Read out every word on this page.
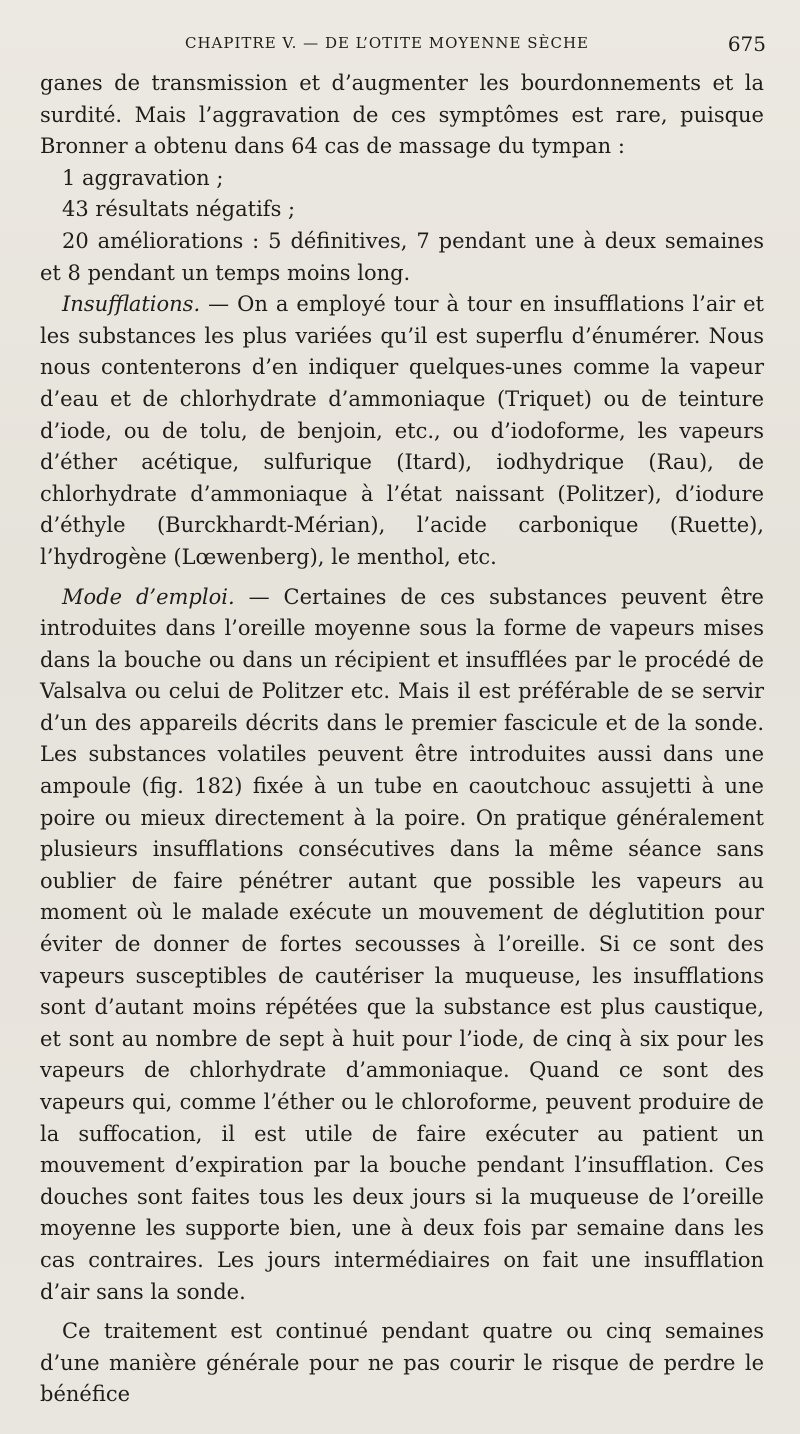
CHAPITRE V. — DE L’OTITE MOYENNE SÈCHE	675

ganes de transmission et d’augmenter les bourdonnements et la surdité. Mais l’aggravation de ces symptômes est rare, puisque Bronner a obtenu dans 64 cas de massage du tympan :

1 aggravation ;

43 résultats négatifs ;

20 améliorations : 5 définitives, 7 pendant une à deux semaines et 8 pendant un temps moins long.

Insufflations. — On a employé tour à tour en insufflations l’air et les substances les plus variées qu’il est superflu d’énumérer. Nous nous contenterons d’en indiquer quelques-unes comme la vapeur d’eau et de chlorhydrate d’ammoniaque (Triquet) ou de teinture d’iode, ou de tolu, de benjoin, etc., ou d’iodoforme, les vapeurs d’éther acétique, sulfurique (Itard), iodhydrique (Rau), de chlorhydrate d’ammoniaque à l’état naissant (Politzer), d’iodure d’éthyle (Burckhardt-Mérian), l’acide carbonique (Ruette), l’hydrogène (Lœwenberg), le menthol, etc.

Mode d’emploi. — Certaines de ces substances peuvent être introduites dans l’oreille moyenne sous la forme de vapeurs mises dans la bouche ou dans un récipient et insufflées par le procédé de Valsalva ou celui de Politzer etc. Mais il est préférable de se servir d’un des appareils décrits dans le premier fascicule et de la sonde. Les substances volatiles peuvent être introduites aussi dans une ampoule (fig. 182) fixée à un tube en caoutchouc assujetti à une poire ou mieux directement à la poire. On pratique généralement plusieurs insufflations consécutives dans la même séance sans oublier de faire pénétrer autant que possible les vapeurs au moment où le malade exécute un mouvement de déglutition pour éviter de donner de fortes secousses à l’oreille. Si ce sont des vapeurs susceptibles de cautériser la muqueuse, les insufflations sont d’autant moins répétées que la substance est plus caustique, et sont au nombre de sept à huit pour l’iode, de cinq à six pour les vapeurs de chlorhydrate d’ammoniaque. Quand ce sont des vapeurs qui, comme l’éther ou le chloroforme, peuvent produire de la suffocation, il est utile de faire exécuter au patient un mouvement d’expiration par la bouche pendant l’insufflation. Ces douches sont faites tous les deux jours si la muqueuse de l’oreille moyenne les supporte bien, une à deux fois par semaine dans les cas contraires. Les jours intermédiaires on fait une insufflation d’air sans la sonde.

Ce traitement est continué pendant quatre ou cinq semaines d’une manière générale pour ne pas courir le risque de perdre le bénéfice
